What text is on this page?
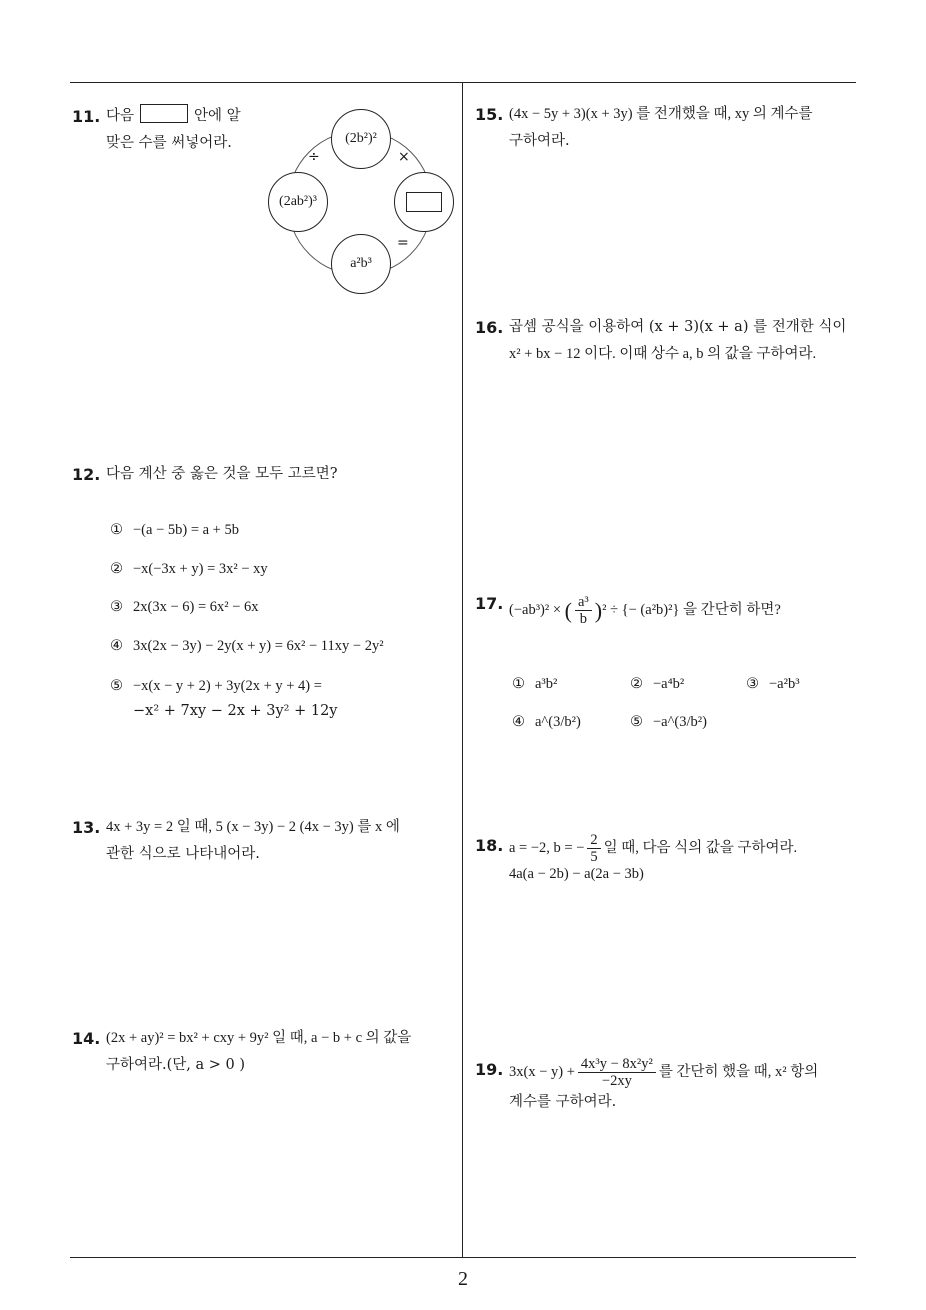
11. 다음	안에 알
맞은 수를 써넣어라.	(2b²)²
(2ab²)³
a²b³
÷	×
=
12. 다음 계산 중 옳은 것을 모두 고르면?
① −(a − 5b) = a + 5b
② −x(−3x + y) = 3x² − xy
③ 2x(3x − 6) = 6x² − 6x
④ 3x(2x − 3y) − 2y(x + y) = 6x² − 11xy − 2y²
⑤ −x(x − y + 2) + 3y(2x + y + 4) =
−x² + 7xy − 2x + 3y² + 12y
13. 4x + 3y = 2 일 때, 5 (x − 3y) − 2 (4x − 3y) 를 x 에
관한 식으로 나타내어라.
14. (2x + ay)² = bx² + cxy + 9y² 일 때, a − b + c 의 값을
구하여라.(단, a > 0 )
15. (4x − 5y + 3)(x + 3y) 를 전개했을 때, xy 의 계수를
구하여라.
16. 곱셈 공식을 이용하여 (x + 3)(x + a) 를 전개한 식이
x² + bx − 12 이다. 이때 상수 a, b 의 값을 구하여라.
17. (−ab³)² × ( $\frac{\text{a³}}{b} )^2$ ÷ {− (a²b)²} 을 간단히 하면?
① a³b²	② −a⁴b²	③ −a²b³
④ a^(3/b²)	⑤ −a^(3/b²)
18. a = −2, b = − $\frac{2}{5}$ 일 때, 다음 식의 값을 구하여라.
4a(a − 2b) − a(2a − 3b)
19. $3x(x - y) + \frac{\text{4x³y − 8x²y²}}{-2xy}$ 를 간단히 했을 때, x² 항의
계수를 구하여라.
2
